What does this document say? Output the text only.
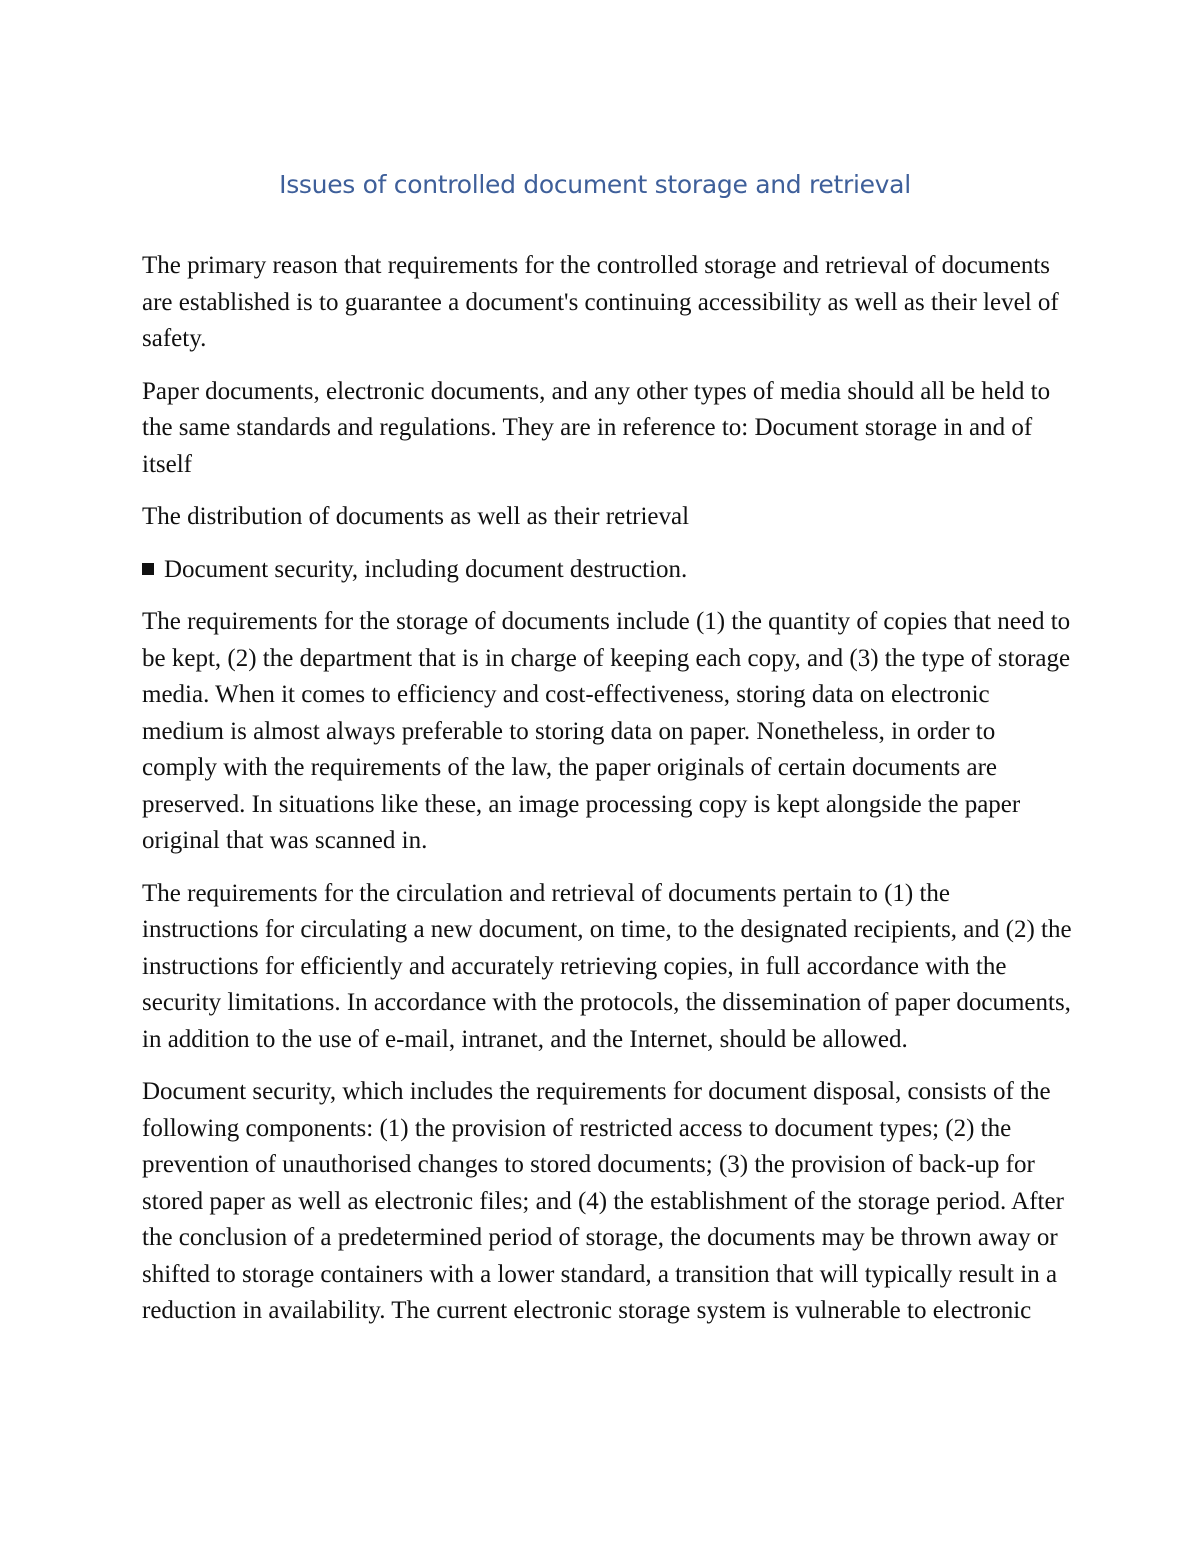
Issues of controlled document storage and retrieval

The primary reason that requirements for the controlled storage and retrieval of documents are established is to guarantee a document's continuing accessibility as well as their level of safety.

Paper documents, electronic documents, and any other types of media should all be held to the same standards and regulations. They are in reference to: Document storage in and of itself

The distribution of documents as well as their retrieval

Document security, including document destruction.

The requirements for the storage of documents include (1) the quantity of copies that need to be kept, (2) the department that is in charge of keeping each copy, and (3) the type of storage media. When it comes to efficiency and cost-effectiveness, storing data on electronic medium is almost always preferable to storing data on paper. Nonetheless, in order to comply with the requirements of the law, the paper originals of certain documents are preserved. In situations like these, an image processing copy is kept alongside the paper original that was scanned in.

The requirements for the circulation and retrieval of documents pertain to (1) the instructions for circulating a new document, on time, to the designated recipients, and (2) the instructions for efficiently and accurately retrieving copies, in full accordance with the security limitations. In accordance with the protocols, the dissemination of paper documents, in addition to the use of e-mail, intranet, and the Internet, should be allowed.

Document security, which includes the requirements for document disposal, consists of the following components: (1) the provision of restricted access to document types; (2) the prevention of unauthorised changes to stored documents; (3) the provision of back-up for stored paper as well as electronic files; and (4) the establishment of the storage period. After the conclusion of a predetermined period of storage, the documents may be thrown away or shifted to storage containers with a lower standard, a transition that will typically result in a reduction in availability. The current electronic storage system is vulnerable to electronic
